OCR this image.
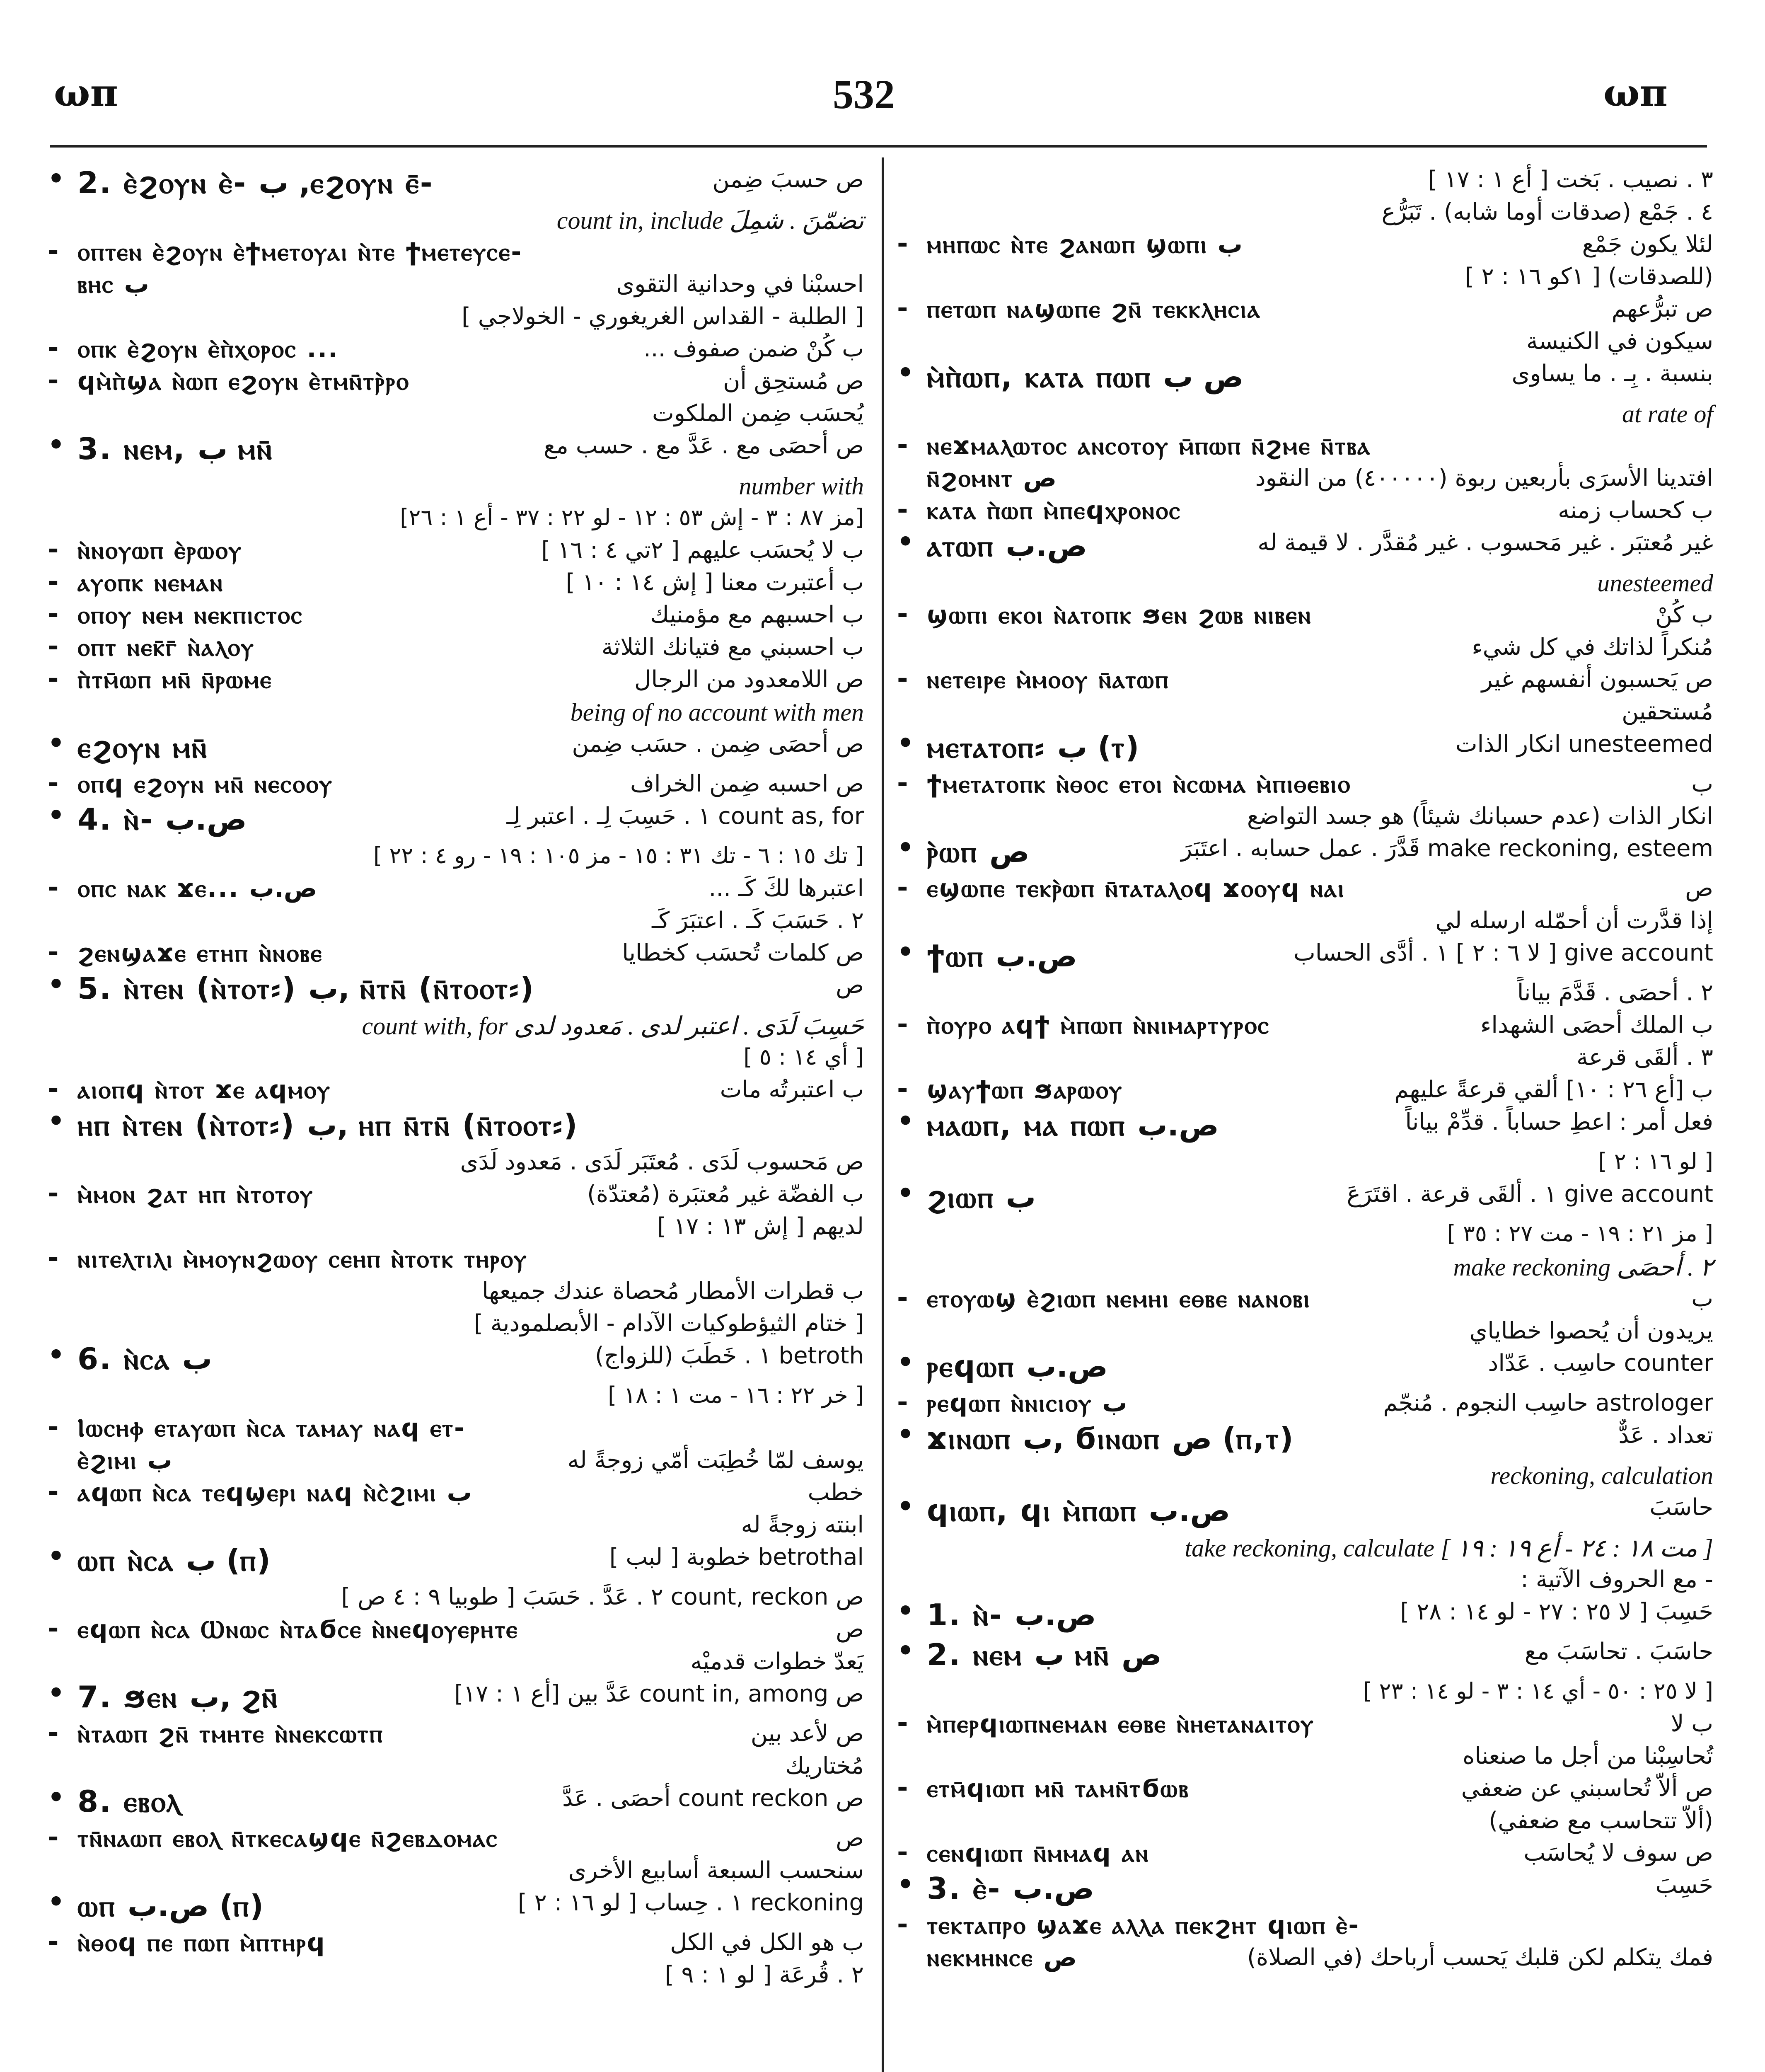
ωπ	532	ωπ
• 2. ⲉ̀ϩⲟⲩⲛ ⲉ̀- ب ,ⲉϩⲟⲩⲛ ⲉ̄-	ص حسبَ ضِمن
count in, include تضمّنَ . شمِلَ
- ⲟⲡⲧⲉⲛ ⲉ̀ϩⲟⲩⲛ ⲉ̀ϯⲙⲉⲧⲟⲩⲁⲓ ⲛ̀ⲧⲉ ϯⲙⲉⲧⲉⲩⲥⲉ-
ⲃⲏⲥ ب	احسبْنا في وحدانية التقوى
[ الطلبة - القداس الغريغوري - الخولاجي ]
- ⲟⲡⲕ ⲉ̀ϩⲟⲩⲛ ⲉ̀ⲡ̀ⲭⲟⲣⲟⲥ ...	ب كُنْ ضمن صفوف ...
- ϥⲙ̀ⲡ̀ϣⲁ ⲛ̀ⲱⲡ ⲉϩⲟⲩⲛ ⲉ̀ⲧⲙⲛ̄ⲧⲣ̀ⲣⲟ	ص مُستحِق أن
يُحسَب ضِمن الملكوت
• 3. ⲛⲉⲙ, ب ⲙⲛ̄	ص أحصَى مع . عَدَّ مع . حسب مع
number with
[مز ٨٧ : ٣ - إش ٥٣ : ١٢ - لو ٢٢ : ٣٧ - أع ١ : ٢٦]
- ⲛ̀ⲛⲟⲩⲱⲡ ⲉ̀ⲣⲱⲟⲩ	ب لا يُحسَب عليهم [ ٢تي ٤ : ١٦ ]
- ⲁⲩⲟⲡⲕ ⲛⲉⲙⲁⲛ	ب أُعتبرت معنا [ إش ١٤ : ١٠ ]
- ⲟⲡⲟⲩ ⲛⲉⲙ ⲛⲉⲕⲡⲓⲥⲧⲟⲥ	ب احسبهم مع مؤمنيك
- ⲟⲡⲧ ⲛⲉⲕ̄ⲅ̄ ⲛ̀ⲁⲗⲟⲩ	ب احسبني مع فتيانك الثلاثة
- ⲡ̀ⲧⲙ̄ⲱⲡ ⲙⲛ̄ ⲛ̄ⲣⲱⲙⲉ	ص اللامعدود من الرجال
being of no account with men
• ⲉϩⲟⲩⲛ ⲙⲛ̄	ص أحصَى ضِمن . حسَب ضِمن
- ⲟⲡϥ ⲉϩⲟⲩⲛ ⲙⲛ̄ ⲛⲉⲥⲟⲟⲩ	ص احسبه ضِمن الخراف
• 4. ⲛ̀- ص.ب	count as, for ١ . حَسِبَ لِـ . اعتبر لِـ
[ تك ١٥ : ٦ - تك ٣١ : ١٥ - مز ١٠٥ : ١٩ - رو ٤ : ٢٢ ]
- ⲟⲡⲥ ⲛⲁⲕ ϫⲉ... ص.ب	اعتبرها لكَ كَـ ...
٢ . حَسَبَ كَـ . اعتبَرَ كَـ
- ϩⲉⲛϣⲁϫⲉ ⲉⲧⲏⲡ ⲛ̀ⲛⲟⲃⲉ	ص كلمات تُحسَب كخطايا
• 5. ⲛ̀ⲧⲉⲛ (ⲛ̀ⲧⲟⲧ⸗) ب, ⲛ̄ⲧⲛ̄ (ⲛ̄ⲧⲟⲟⲧ⸗)	ص
count with, for حَسِبَ لَدَى . اعتبر لدى . مَعدود لدى
[ أي ١٤ : ٥ ]
- ⲁⲓⲟⲡϥ ⲛ̀ⲧⲟⲧ ϫⲉ ⲁϥⲙⲟⲩ	ب اعتبرتُه مات
• ⲏⲡ ⲛ̀ⲧⲉⲛ (ⲛ̀ⲧⲟⲧ⸗) ب, ⲏⲡ ⲛ̄ⲧⲛ̄ (ⲛ̄ⲧⲟⲟⲧ⸗)
ص مَحسوب لَدَى . مُعتَبَر لَدَى . مَعدود لَدَى
- ⲙ̀ⲙⲟⲛ ϩⲁⲧ ⲏⲡ ⲛ̀ⲧⲟⲧⲟⲩ	ب الفضّة غير مُعتبَرة (مُعتدّة)
لديهم [ إش ١٣ : ١٧ ]
- ⲛⲓⲧⲉⲗⲧⲓⲗⲓ ⲙ̀ⲙⲟⲩⲛϩⲱⲟⲩ ⲥⲉⲏⲡ ⲛ̀ⲧⲟⲧⲕ ⲧⲏⲣⲟⲩ
ب قطرات الأمطار مُحصاة عندك جميعها
[ ختام الثيؤطوكيات الآدام - الأبصلمودية ]
• 6. ⲛ̀ⲥⲁ ب	betroth ١ . خَطَبَ (للزواج)
[ خر ٢٢ : ١٦ - مت ١ : ١٨ ]
- Ⲓⲱⲥⲏⲫ ⲉⲧⲁⲩⲱⲡ ⲛ̀ⲥⲁ ⲧⲁⲙⲁⲩ ⲛⲁϥ ⲉⲧ-
ⲉ̀ϩⲓⲙⲓ ب	يوسف لمّا خُطِبَت أُمّي زوجةً له
- ⲁϥⲱⲡ ⲛ̀ⲥⲁ ⲧⲉϥϣⲉⲣⲓ ⲛⲁϥ ⲛ̀ⲥ̀ϩⲓⲙⲓ ب	خطب
ابنته زوجةً له
• ⲱⲡ ⲛ̀ⲥⲁ ب (ⲡ)	betrothal خطوبة [ لبب ]
ص count, reckon ٢ . عَدَّ . حَسَبَ [ طوبيا ٩ : ٤ ص ]
- ⲉϥⲱⲡ ⲛ̀ⲥⲁ Ⲱⲛⲱⲥ ⲛ̀ⲧⲁϭⲥⲉ ⲛ̀ⲛⲉϥⲟⲩⲉⲣⲏⲧⲉ	ص
يَعدّ خطوات قدميْه
• 7. ϧⲉⲛ ب, ϩⲛ̄	ص count in, among عَدَّ بين [أع ١ : ١٧]
- ⲛ̀ⲧⲁⲱⲡ ϩⲛ̄ ⲧⲙⲏⲧⲉ ⲛ̀ⲛⲉⲕⲥⲱⲧⲡ	ص لأعد بين
مُختاريك
• 8. ⲉⲃⲟⲗ	ص count reckon أحصَى . عَدَّ
- ⲧⲛ̄ⲛⲁⲱⲡ ⲉⲃⲟⲗ ⲛ̄ⲧⲕⲉⲥⲁϣϥⲉ ⲛ̄ϩⲉⲃⲇⲟⲙⲁⲥ	ص
سنحسب السبعة أسابيع الأخرى
• ⲱⲡ ص.ب (ⲡ)	reckoning ١ . حِساب [ لو ١٦ : ٢ ]
- ⲛ̀ⲑⲟϥ ⲡⲉ ⲡⲱⲡ ⲙ̀ⲡⲧⲏⲣϥ	ب هو الكل في الكل
٢ . قُرعَة [ لو ١ : ٩ ]
٣ . نصيب . بَخت [ أع ١ : ١٧ ]
٤ . جَمْع (صدقات أوما شابه) . تَبَرُّع
- ⲙⲏⲡⲱⲥ ⲛ̀ⲧⲉ ϩⲁⲛⲱⲡ ϣⲱⲡⲓ ب	لئلا يكون جَمْع
(للصدقات) [ ١كو ١٦ : ٢ ]
- ⲡⲉⲧⲱⲡ ⲛⲁϣⲱⲡⲉ ϩⲛ̄ ⲧⲉⲕⲕⲗⲏⲥⲓⲁ	ص تبرُّعهم
سيكون في الكنيسة
• ⲙ̀ⲡ̀ⲱⲡ, ⲕⲁⲧⲁ ⲡⲱⲡ ص ب	بنسبة . بِـ . ما يساوى
at rate of
- ⲛⲉϫⲙⲁⲗⲱⲧⲟⲥ ⲁⲛⲥⲟⲧⲟⲩ ⲙ̄ⲡⲱⲡ ⲛ̄ϩⲙⲉ ⲛ̄ⲧⲃⲁ
ⲛ̄ϩⲟⲙⲛⲧ ص	افتدينا الأسرَى بأربعين ربوة (٤٠٠٠٠٠) من النقود
- ⲕⲁⲧⲁ ⲡ̀ⲱⲡ ⲙ̀ⲡⲉϥⲭⲣⲟⲛⲟⲥ	ب كحساب زمنه
• ⲁⲧⲱⲡ ص.ب	غير مُعتبَر . غير مَحسوب . غير مُقدَّر . لا قيمة له
unesteemed
- ϣⲱⲡⲓ ⲉⲕⲟⲓ ⲛ̀ⲁⲧⲟⲡⲕ ϧⲉⲛ ϩⲱⲃ ⲛⲓⲃⲉⲛ	ب كُنْ
مُنكراً لذاتك في كل شيء
- ⲛⲉⲧⲉⲓⲣⲉ ⲙ̀ⲙⲟⲟⲩ ⲛ̄ⲁⲧⲱⲡ	ص يَحسبون أنفسهم غير
مُستحقين
• ⲙⲉⲧⲁⲧⲟⲡ⸗ ب (ⲧ)	unesteemed انكار الذات
- ϯⲙⲉⲧⲁⲧⲟⲡⲕ ⲛ̀ⲑⲟⲥ ⲉⲧⲟⲓ ⲛ̀ⲥⲱⲙⲁ ⲙ̀ⲡⲓⲑⲉⲃⲓⲟ	ب
انكار الذات (عدم حسبانك شيئاً) هو جسد التواضع
• ⲣ̀ⲱⲡ ص	make reckoning, esteem قَدَّرَ . عمل حسابه . اعتَبَرَ
- ⲉϣⲱⲡⲉ ⲧⲉⲕⲣ̀ⲱⲡ ⲛ̄ⲧⲁⲧⲁⲗⲟϥ ϫⲟⲟⲩϥ ⲛⲁⲓ	ص
إذا قدَّرت أن أحمّله ارسله لي
• ϯⲱⲡ ص.ب	give account [ لا ٦ : ٢ ] ١ . أدَّى الحساب
٢ . أحصَى . قَدَّمَ بياناً
- ⲡ̀ⲟⲩⲣⲟ ⲁϥϯ ⲙ̀ⲡⲱⲡ ⲛ̀ⲛⲓⲙⲁⲣⲧⲩⲣⲟⲥ	ب الملك أحصَى الشهداء
٣ . ألقَى قرعة
- ϣⲁⲩϯⲱⲡ ϧⲁⲣⲱⲟⲩ	ب [أع ٢٦ : ١٠] ألقي قرعةً عليهم
• ⲙⲁⲱⲡ, ⲙⲁ ⲡⲱⲡ ص.ب	فعل أمر : اعطِ حساباً . قدِّمْ بياناً
[ لو ١٦ : ٢ ]
• ϩⲓⲱⲡ ب	give account ١ . ألقَى قرعة . اقتَرَعَ
[ مز ٢١ : ١٩ - مت ٢٧ : ٣٥ ]
make reckoning ٢ . أحصَى
- ⲉⲧⲟⲩⲱϣ ⲉ̀ϩⲓⲱⲡ ⲛⲉⲙⲏⲓ ⲉⲑⲃⲉ ⲛⲁⲛⲟⲃⲓ	ب
يريدون أن يُحصوا خطاياي
• ⲣⲉϥⲱⲡ ص.ب	counter حاسِب . عَدّاد
- ⲣⲉϥⲱⲡ ⲛ̀ⲛⲓⲥⲓⲟⲩ ب	astrologer حاسِب النجوم . مُنجّم
• ϫⲓⲛⲱⲡ ب, ϭⲓⲛⲱⲡ ص (ⲡ,ⲧ)	تعداد . عَدٌّ
reckoning, calculation
• ϥⲓⲱⲡ, ϥⲓ ⲙ̀ⲡⲱⲡ ص.ب	حاسَبَ
take reckoning, calculate [ مت ١٨ : ٢٤ - أع ١٩ : ١٩ ]
- مع الحروف الآتية :
• 1. ⲛ̀- ص.ب	حَسِبَ [ لا ٢٥ : ٢٧ - لو ١٤ : ٢٨ ]
• 2. ⲛⲉⲙ ب ⲙⲛ̄ ص	حاسَبَ . تحاسَبَ مع
[ لا ٢٥ : ٥٠ - أي ١٤ : ٣ - لو ١٤ : ٢٣ ]
- ⲙ̀ⲡⲉⲣϥⲓⲱⲡⲛⲉⲙⲁⲛ ⲉⲑⲃⲉ ⲛ̀ⲏⲉⲧⲁⲛⲁⲓⲧⲟⲩ	ب لا
تُحاسِبْنا من أجل ما صنعناه
- ⲉⲧⲙ̄ϥⲓⲱⲡ ⲙⲛ̄ ⲧⲁⲙⲛ̄ⲧϭⲱⲃ	ص ألاّ تُحاسبني عن ضعفي
(ألاّ تتحاسب مع ضعفي)
- ⲥⲉⲛϥⲓⲱⲡ ⲛ̄ⲙⲙⲁϥ ⲁⲛ	ص سوف لا يُحاسَب
• 3. ⲉ̀- ص.ب	حَسِبَ
- ⲧⲉⲕⲧⲁⲡⲣⲟ ϣⲁϫⲉ ⲁⲗⲗⲁ ⲡⲉⲕϩⲏⲧ ϥⲓⲱⲡ ⲉ̀-
ⲛⲉⲕⲙⲏⲛⲥⲉ ص	فمك يتكلم لكن قلبك يَحسب أرباحك (في الصلاة)
